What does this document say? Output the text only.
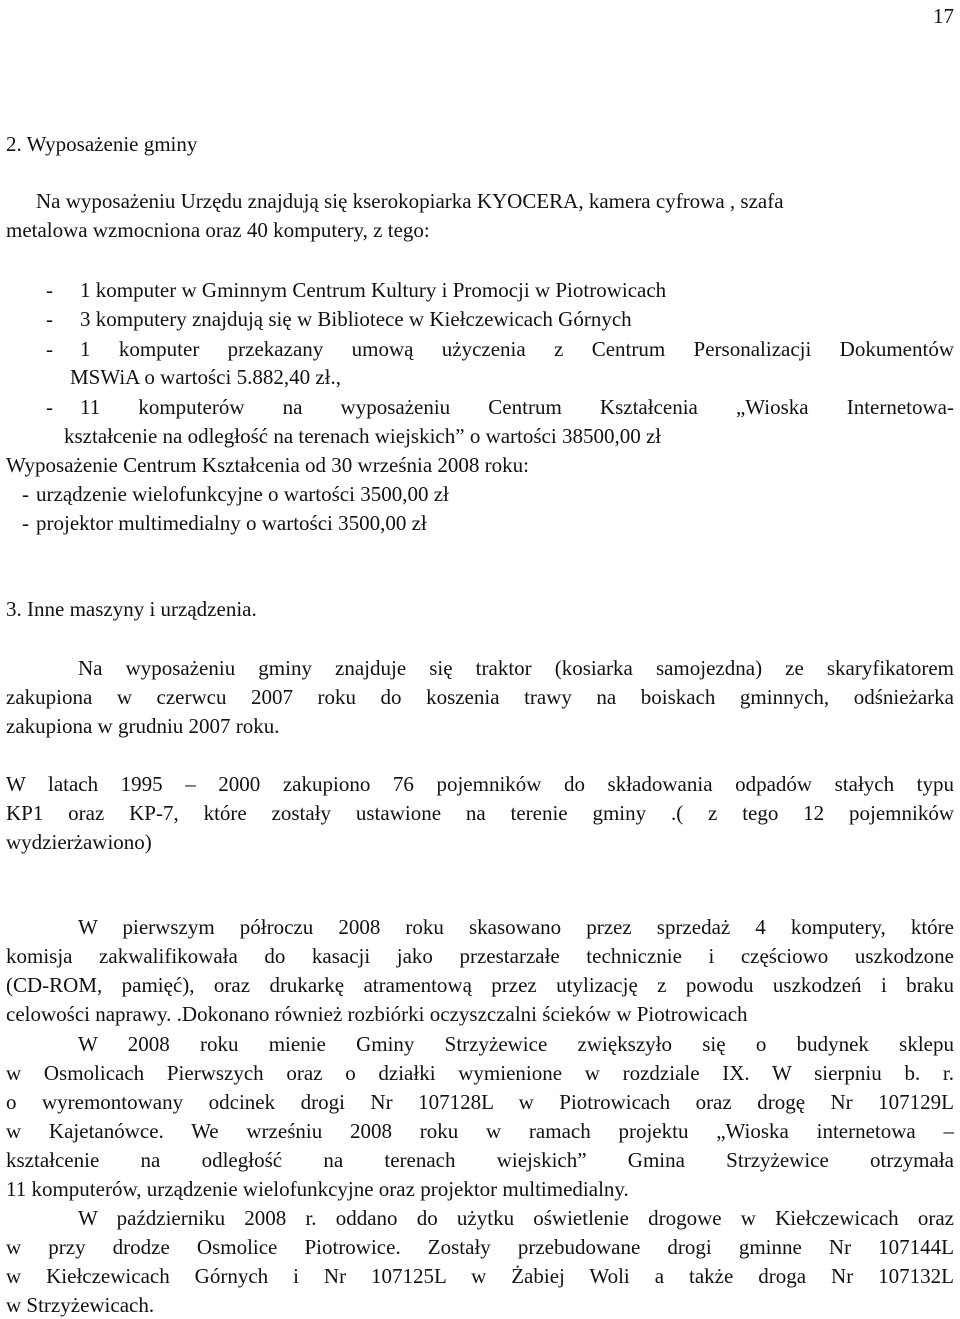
17
2. Wyposażenie gminy
Na wyposażeniu Urzędu znajdują się kserokopiarka KYOCERA, kamera cyfrowa , szafa
metalowa wzmocniona oraz 40 komputery, z tego:
- 1 komputer w Gminnym Centrum Kultury i Promocji w Piotrowicach
- 3 komputery znajdują się w Bibliotece w Kiełczewicach Górnych
- 1 komputer przekazany umową użyczenia z Centrum Personalizacji Dokumentów
MSWiA o wartości 5.882,40 zł.,
- 11 komputerów na wyposażeniu Centrum Kształcenia „Wioska Internetowa-
kształcenie na odległość na terenach wiejskich” o wartości 38500,00 zł
Wyposażenie Centrum Kształcenia od 30 września 2008 roku:
- urządzenie wielofunkcyjne o wartości 3500,00 zł
- projektor multimedialny o wartości 3500,00 zł
3. Inne maszyny i urządzenia.
Na wyposażeniu gminy znajduje się traktor (kosiarka samojezdna) ze skaryfikatorem
zakupiona w czerwcu 2007 roku do koszenia trawy na boiskach gminnych, odśnieżarka
zakupiona w grudniu 2007 roku.
W latach 1995 – 2000 zakupiono 76 pojemników do składowania odpadów stałych typu
KP1 oraz KP-7, które zostały ustawione na terenie gminy .( z tego 12 pojemników
wydzierżawiono)
W pierwszym półroczu 2008 roku skasowano przez sprzedaż 4 komputery, które
komisja zakwalifikowała do kasacji jako przestarzałe technicznie i częściowo uszkodzone
(CD-ROM, pamięć), oraz drukarkę atramentową przez utylizację z powodu uszkodzeń i braku
celowości naprawy. .Dokonano również rozbiórki oczyszczalni ścieków w Piotrowicach
W 2008 roku mienie Gminy Strzyżewice zwiększyło się o budynek sklepu
w Osmolicach Pierwszych oraz o działki wymienione w rozdziale IX. W sierpniu b. r.
o wyremontowany odcinek drogi Nr 107128L w Piotrowicach oraz drogę Nr 107129L
w Kajetanówce. We wrześniu 2008 roku w ramach projektu „Wioska internetowa –
kształcenie na odległość na terenach wiejskich” Gmina Strzyżewice otrzymała
11 komputerów, urządzenie wielofunkcyjne oraz projektor multimedialny.
W październiku 2008 r. oddano do użytku oświetlenie drogowe w Kiełczewicach oraz
w przy drodze Osmolice Piotrowice. Zostały przebudowane drogi gminne Nr 107144L
w Kiełczewicach Górnych i Nr 107125L w Żabiej Woli a także droga Nr 107132L
w Strzyżewicach.
